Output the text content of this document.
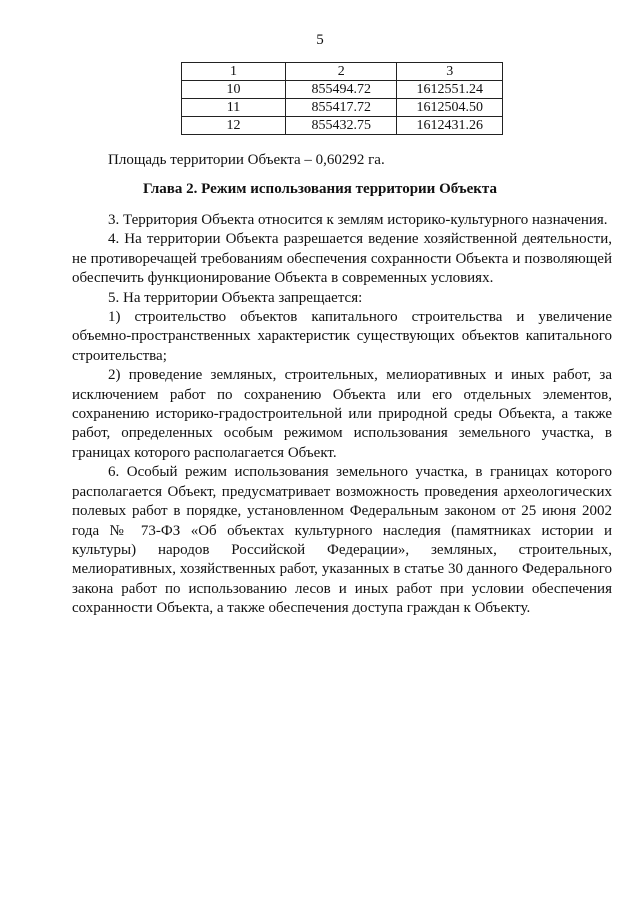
5
1	2	3
10	855494.72	1612551.24
11	855417.72	1612504.50
12	855432.75	1612431.26
Площадь территории Объекта – 0,60292 га.
Глава 2. Режим использования территории Объекта

3. Территория Объекта относится к землям историко-культурного назначения.

4. На территории Объекта разрешается ведение хозяйственной деятельности, не противоречащей требованиям обеспечения сохранности Объекта и позволяющей обеспечить функционирование Объекта в современных условиях.

5. На территории Объекта запрещается:

1) строительство объектов капитального строительства и увеличение объемно-пространственных характеристик существующих объектов капитального строительства;

2) проведение земляных, строительных, мелиоративных и иных работ, за исключением работ по сохранению Объекта или его отдельных элементов, сохранению историко-градостроительной или природной среды Объекта, а также работ, определенных особым режимом использования земельного участка, в границах которого располагается Объект.

6. Особый режим использования земельного участка, в границах которого располагается Объект, предусматривает возможность проведения археологических полевых работ в порядке, установленном Федеральным законом от 25 июня 2002 года № 73-ФЗ «Об объектах культурного наследия (памятниках истории и культуры) народов Российской Федерации», земляных, строительных, мелиоративных, хозяйственных работ, указанных в статье 30 данного Федерального закона работ по использованию лесов и иных работ при условии обеспечения сохранности Объекта, а также обеспечения доступа граждан к Объекту.
